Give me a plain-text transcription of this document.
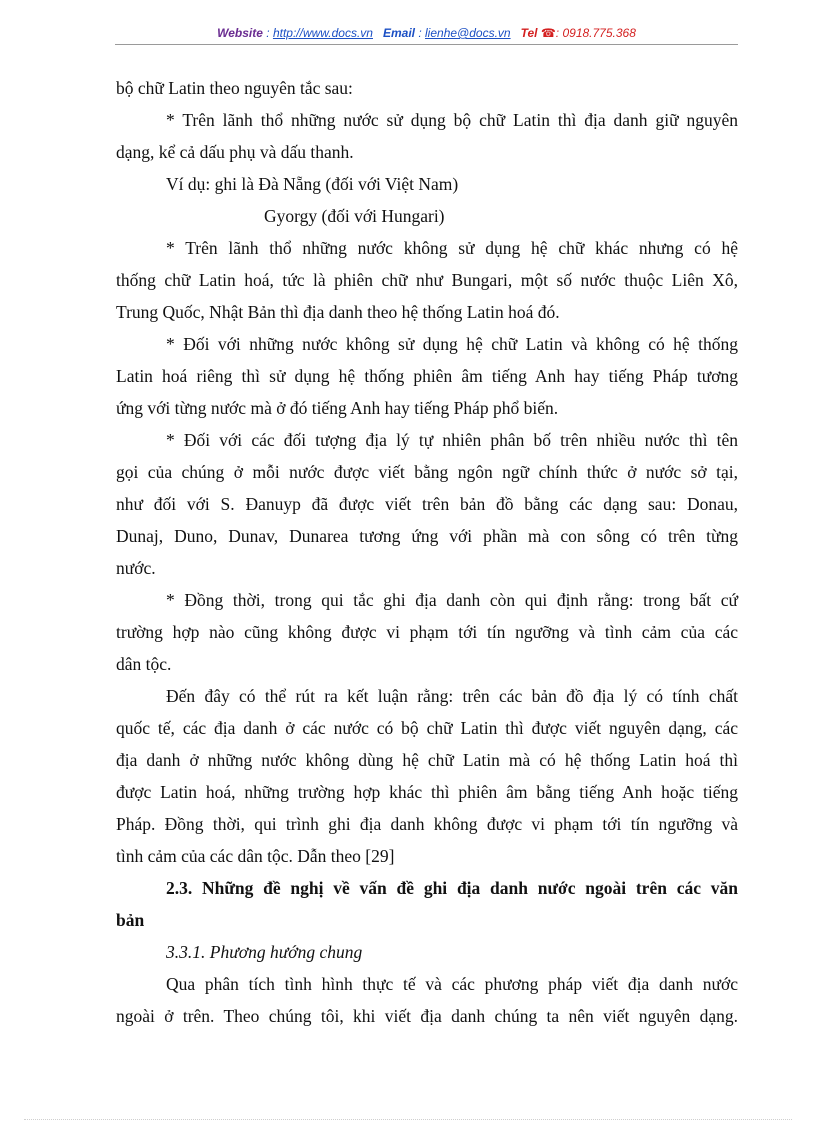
Website : http://www.docs.vn Email : lienhe@docs.vn Tel ☎: 0918.775.368
bộ chữ Latin theo nguyên tắc sau:
* Trên lãnh thổ những nước sử dụng bộ chữ Latin thì địa danh giữ nguyên
dạng, kể cả dấu phụ và dấu thanh.
Ví dụ: ghi là Đà Nẵng (đối với Việt Nam)
Gyorgy (đối với Hungari)
* Trên lãnh thổ những nước không sử dụng hệ chữ khác nhưng có hệ
thống chữ Latin hoá, tức là phiên chữ như Bungari, một số nước thuộc Liên Xô,
Trung Quốc, Nhật Bản thì địa danh theo hệ thống Latin hoá đó.
* Đối với những nước không sử dụng hệ chữ Latin và không có hệ thống
Latin hoá riêng thì sử dụng hệ thống phiên âm tiếng Anh hay tiếng Pháp tương
ứng với từng nước mà ở đó tiếng Anh hay tiếng Pháp phổ biến.
* Đối với các đối tượng địa lý tự nhiên phân bố trên nhiều nước thì tên
gọi của chúng ở mỗi nước được viết bằng ngôn ngữ chính thức ở nước sở tại,
như đối với S. Đanuyp đã được viết trên bản đồ bằng các dạng sau: Donau,
Dunaj, Duno, Dunav, Dunarea tương ứng với phần mà con sông có trên từng
nước.
* Đồng thời, trong qui tắc ghi địa danh còn qui định rằng: trong bất cứ
trường hợp nào cũng không được vi phạm tới tín ngưỡng và tình cảm của các
dân tộc.
Đến đây có thể rút ra kết luận rằng: trên các bản đồ địa lý có tính chất
quốc tế, các địa danh ở các nước có bộ chữ Latin thì được viết nguyên dạng, các
địa danh ở những nước không dùng hệ chữ Latin mà có hệ thống Latin hoá thì
được Latin hoá, những trường hợp khác thì phiên âm bằng tiếng Anh hoặc tiếng
Pháp. Đồng thời, qui trình ghi địa danh không được vi phạm tới tín ngưỡng và
tình cảm của các dân tộc. Dẫn theo [29]
2.3. Những đề nghị về vấn đề ghi địa danh nước ngoài trên các văn
bản
3.3.1. Phương hướng chung
Qua phân tích tình hình thực tế và các phương pháp viết địa danh nước
ngoài ở trên. Theo chúng tôi, khi viết địa danh chúng ta nên viết nguyên dạng.
